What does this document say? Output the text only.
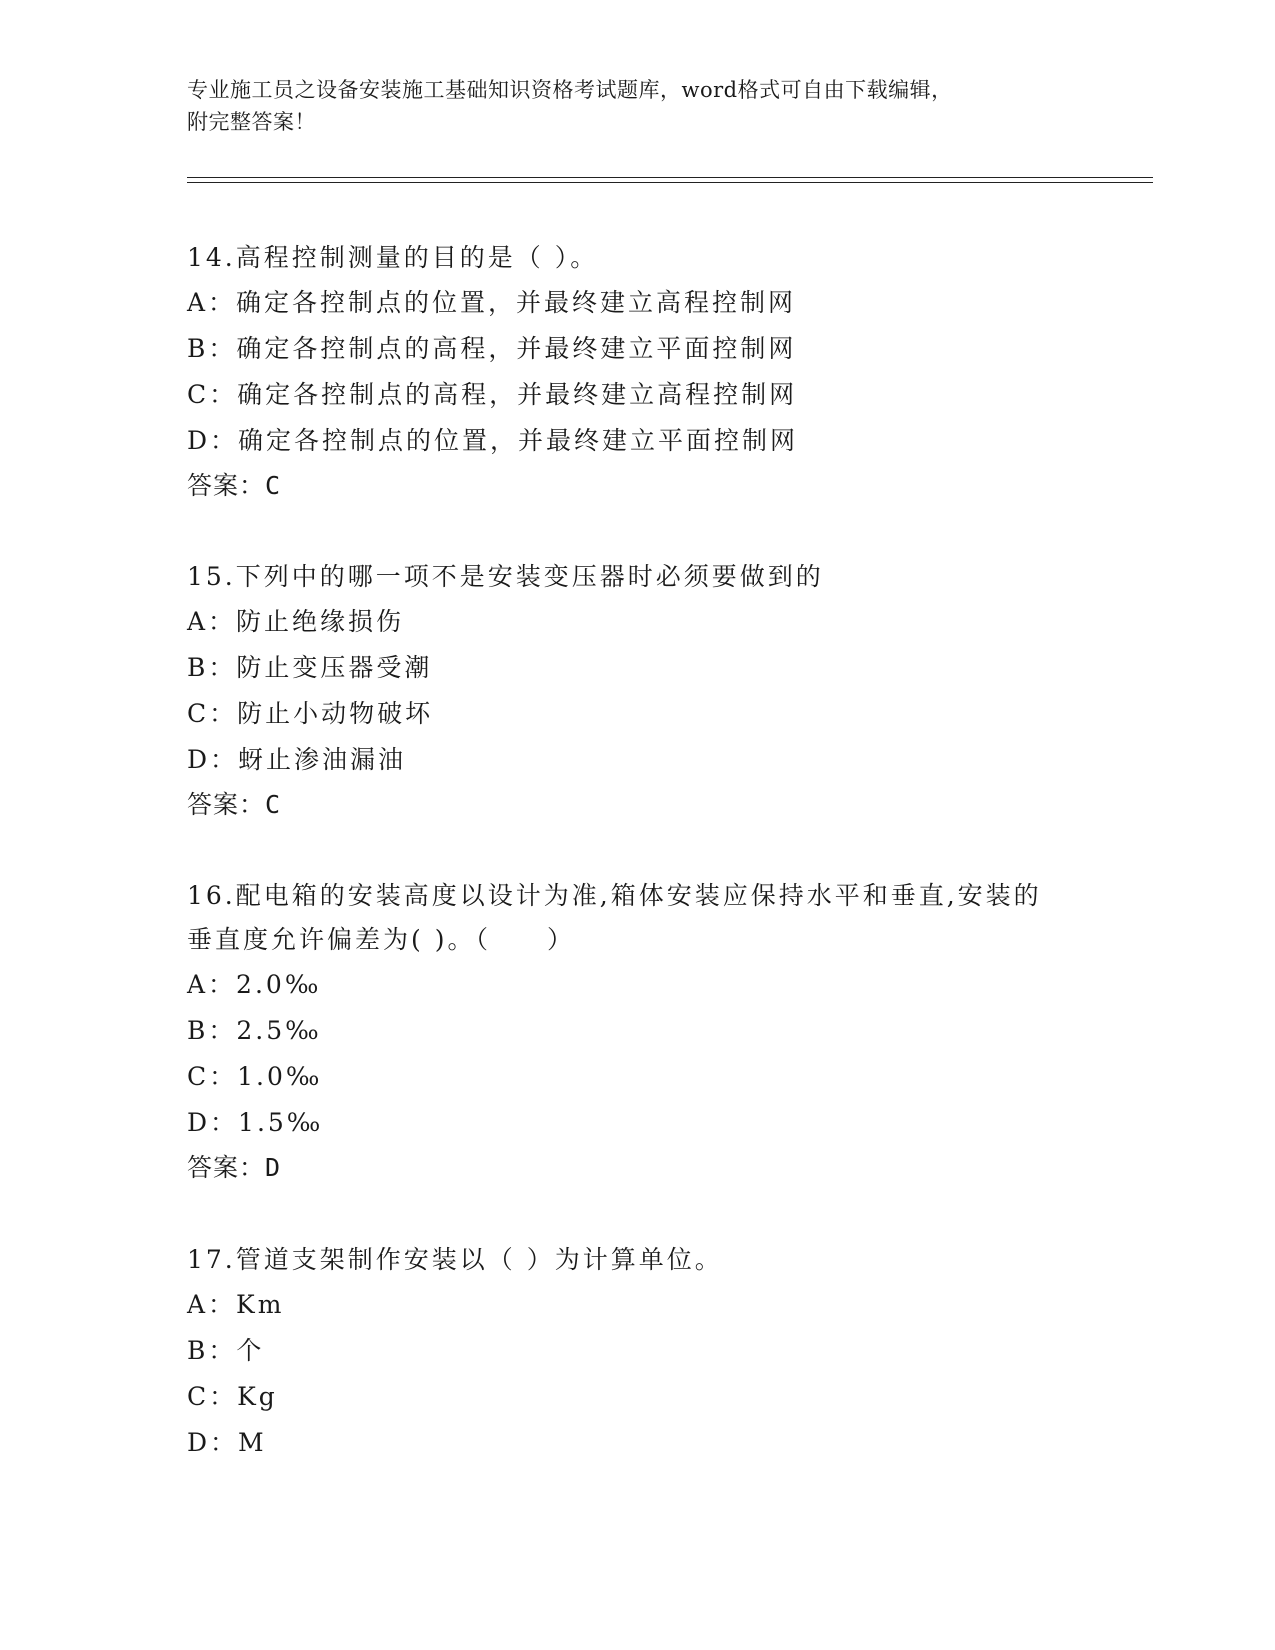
专业施工员之设备安装施工基础知识资格考试题库，word格式可自由下载编辑，
附完整答案！

14.高程控制测量的目的是（ ）。

A：确定各控制点的位置，并最终建立高程控制网

B：确定各控制点的高程，并最终建立平面控制网

C：确定各控制点的高程，并最终建立高程控制网

D：确定各控制点的位置，并最终建立平面控制网

答案：C

15.下列中的哪一项不是安装变压器时必须要做到的

A：防止绝缘损伤

B：防止变压器受潮

C：防止小动物破坏

D：蚜止渗油漏油

答案：C

16.配电箱的安装高度以设计为准,箱体安装应保持水平和垂直,安装的

垂直度允许偏差为( )。（　　）

A：2.0‰

B：2.5‰

C：1.0‰

D：1.5‰

答案：D

17.管道支架制作安装以（ ）为计算单位。

A：Km

B：个

C：Kg

D：M
